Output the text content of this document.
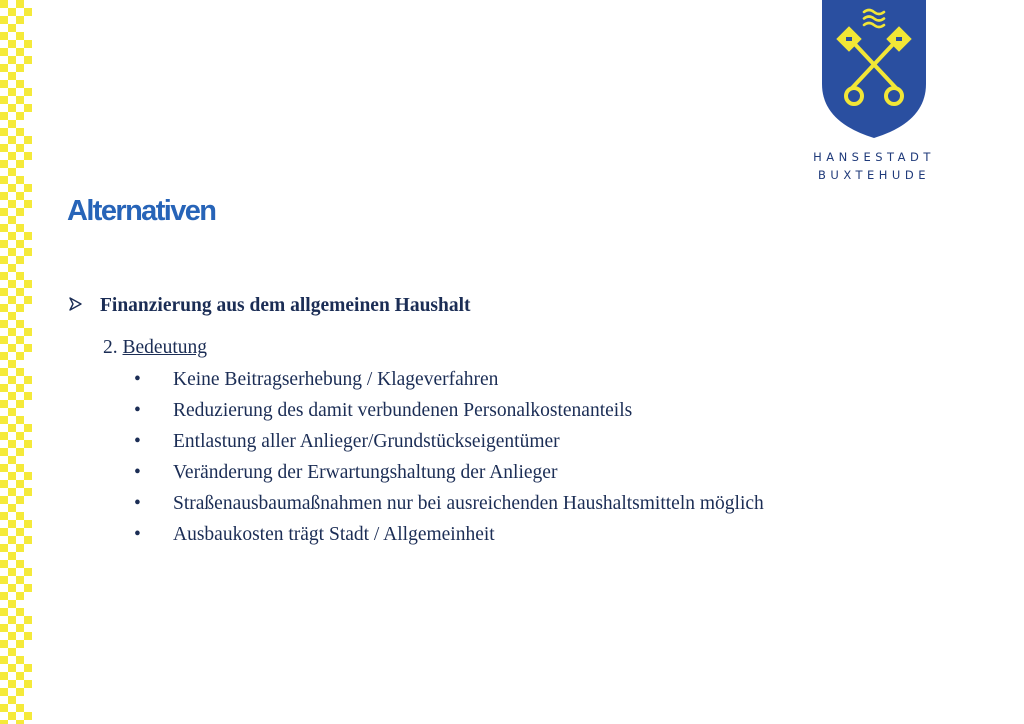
HANSESTADT
BUXTEHUDE
Alternativen
Finanzierung aus dem allgemeinen Haushalt
2. Bedeutung
• Keine Beitragserhebung / Klageverfahren
• Reduzierung des damit verbundenen Personalkostenanteils
• Entlastung aller Anlieger/Grundstückseigentümer
• Veränderung der Erwartungshaltung der Anlieger
• Straßenausbaumaßnahmen nur bei ausreichenden Haushaltsmitteln möglich
• Ausbaukosten trägt Stadt / Allgemeinheit
